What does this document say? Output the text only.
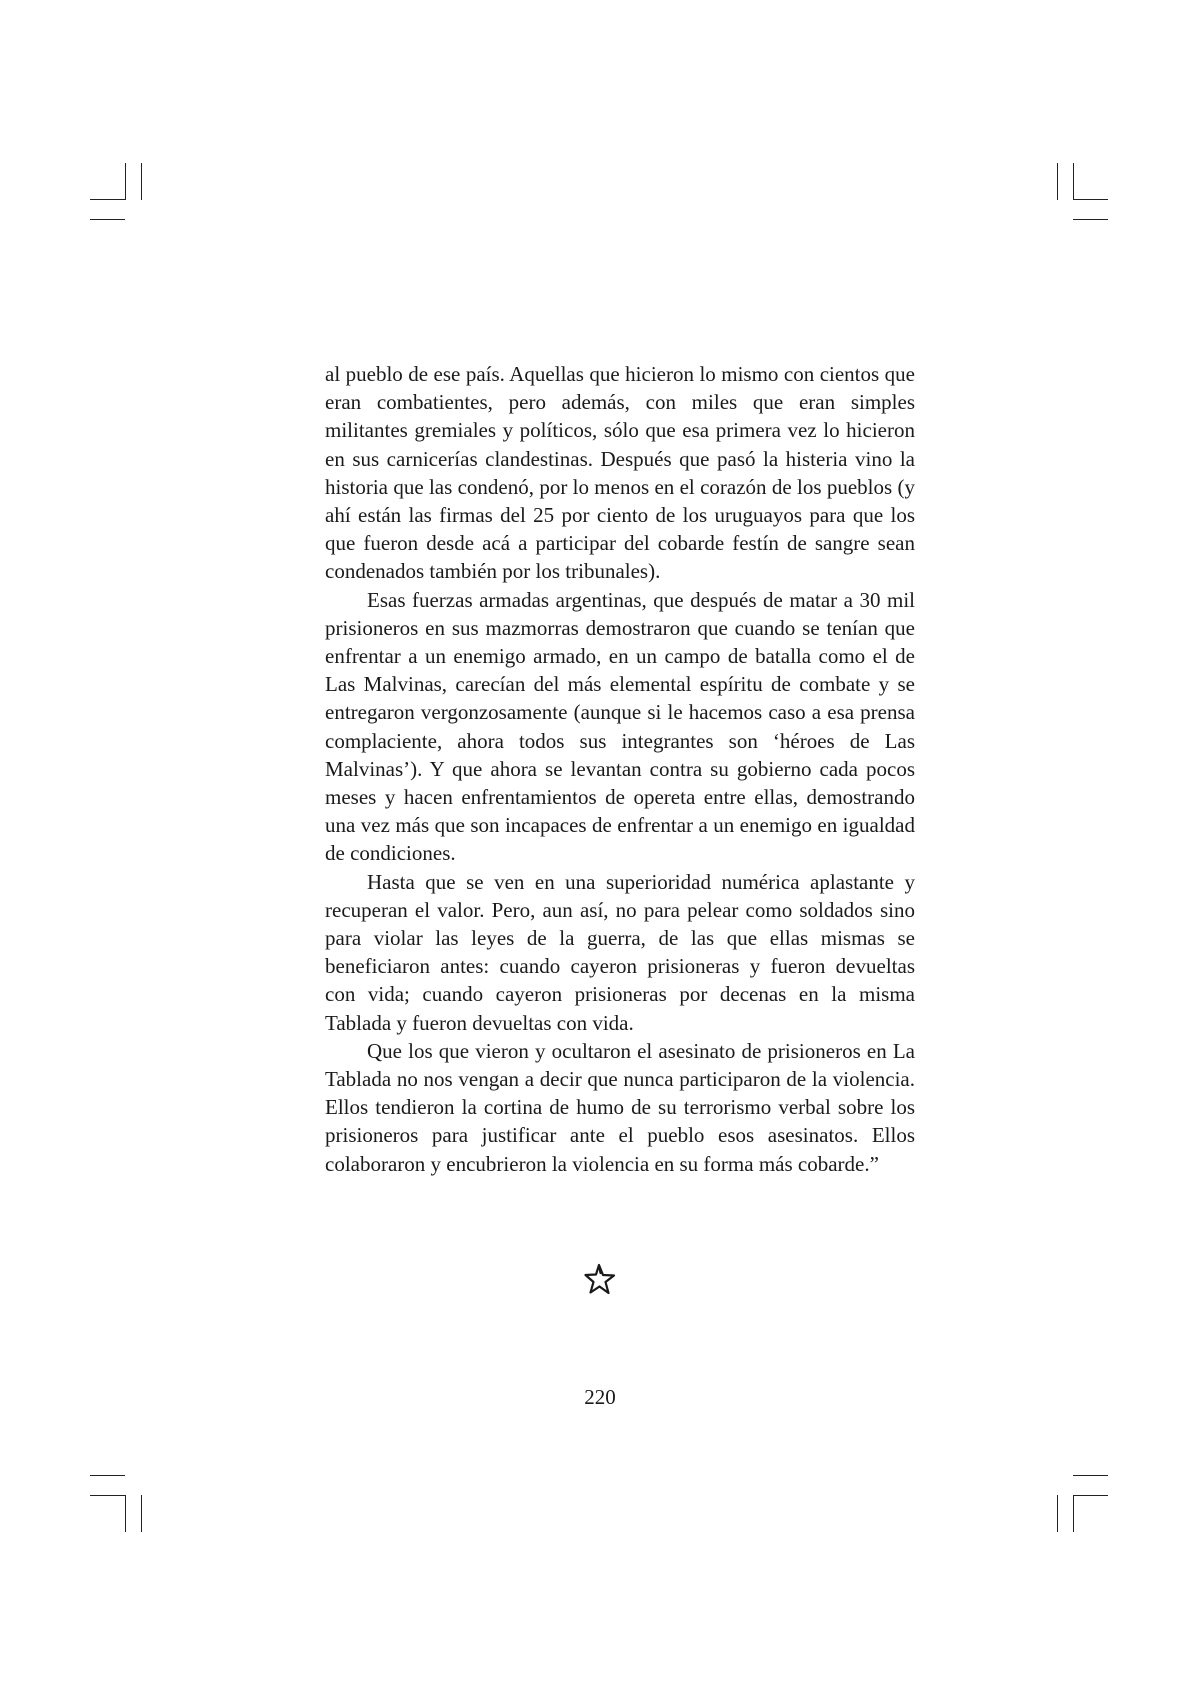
al pueblo de ese país. Aquellas que hicieron lo mismo con cientos que eran combatientes, pero además, con miles que eran simples militantes gremiales y políticos, sólo que esa primera vez lo hicieron en sus carnicerías clandestinas. Después que pasó la histeria vino la historia que las condenó, por lo menos en el corazón de los pueblos (y ahí están las firmas del 25 por ciento de los uruguayos para que los que fueron desde acá a participar del cobarde festín de sangre sean condenados también por los tribunales).

Esas fuerzas armadas argentinas, que después de matar a 30 mil prisioneros en sus mazmorras demostraron que cuando se tenían que enfrentar a un enemigo armado, en un campo de batalla como el de Las Malvinas, carecían del más elemental espíritu de combate y se entregaron vergonzosamente (aunque si le hacemos caso a esa prensa complaciente, ahora todos sus integrantes son ‘héroes de Las Malvinas’). Y que ahora se levantan contra su gobierno cada pocos meses y hacen enfrentamientos de opereta entre ellas, demostrando una vez más que son incapaces de enfrentar a un enemigo en igualdad de condiciones.

Hasta que se ven en una superioridad numérica aplastante y recuperan el valor. Pero, aun así, no para pelear como soldados sino para violar las leyes de la guerra, de las que ellas mismas se beneficiaron antes: cuando cayeron prisioneras y fueron devueltas con vida; cuando cayeron prisioneras por decenas en la misma Tablada y fueron devueltas con vida.

Que los que vieron y ocultaron el asesinato de prisioneros en La Tablada no nos vengan a decir que nunca participaron de la violencia. Ellos tendieron la cortina de humo de su terrorismo verbal sobre los prisioneros para justificar ante el pueblo esos asesinatos. Ellos colaboraron y encubrieron la violencia en su forma más cobarde.”

220
